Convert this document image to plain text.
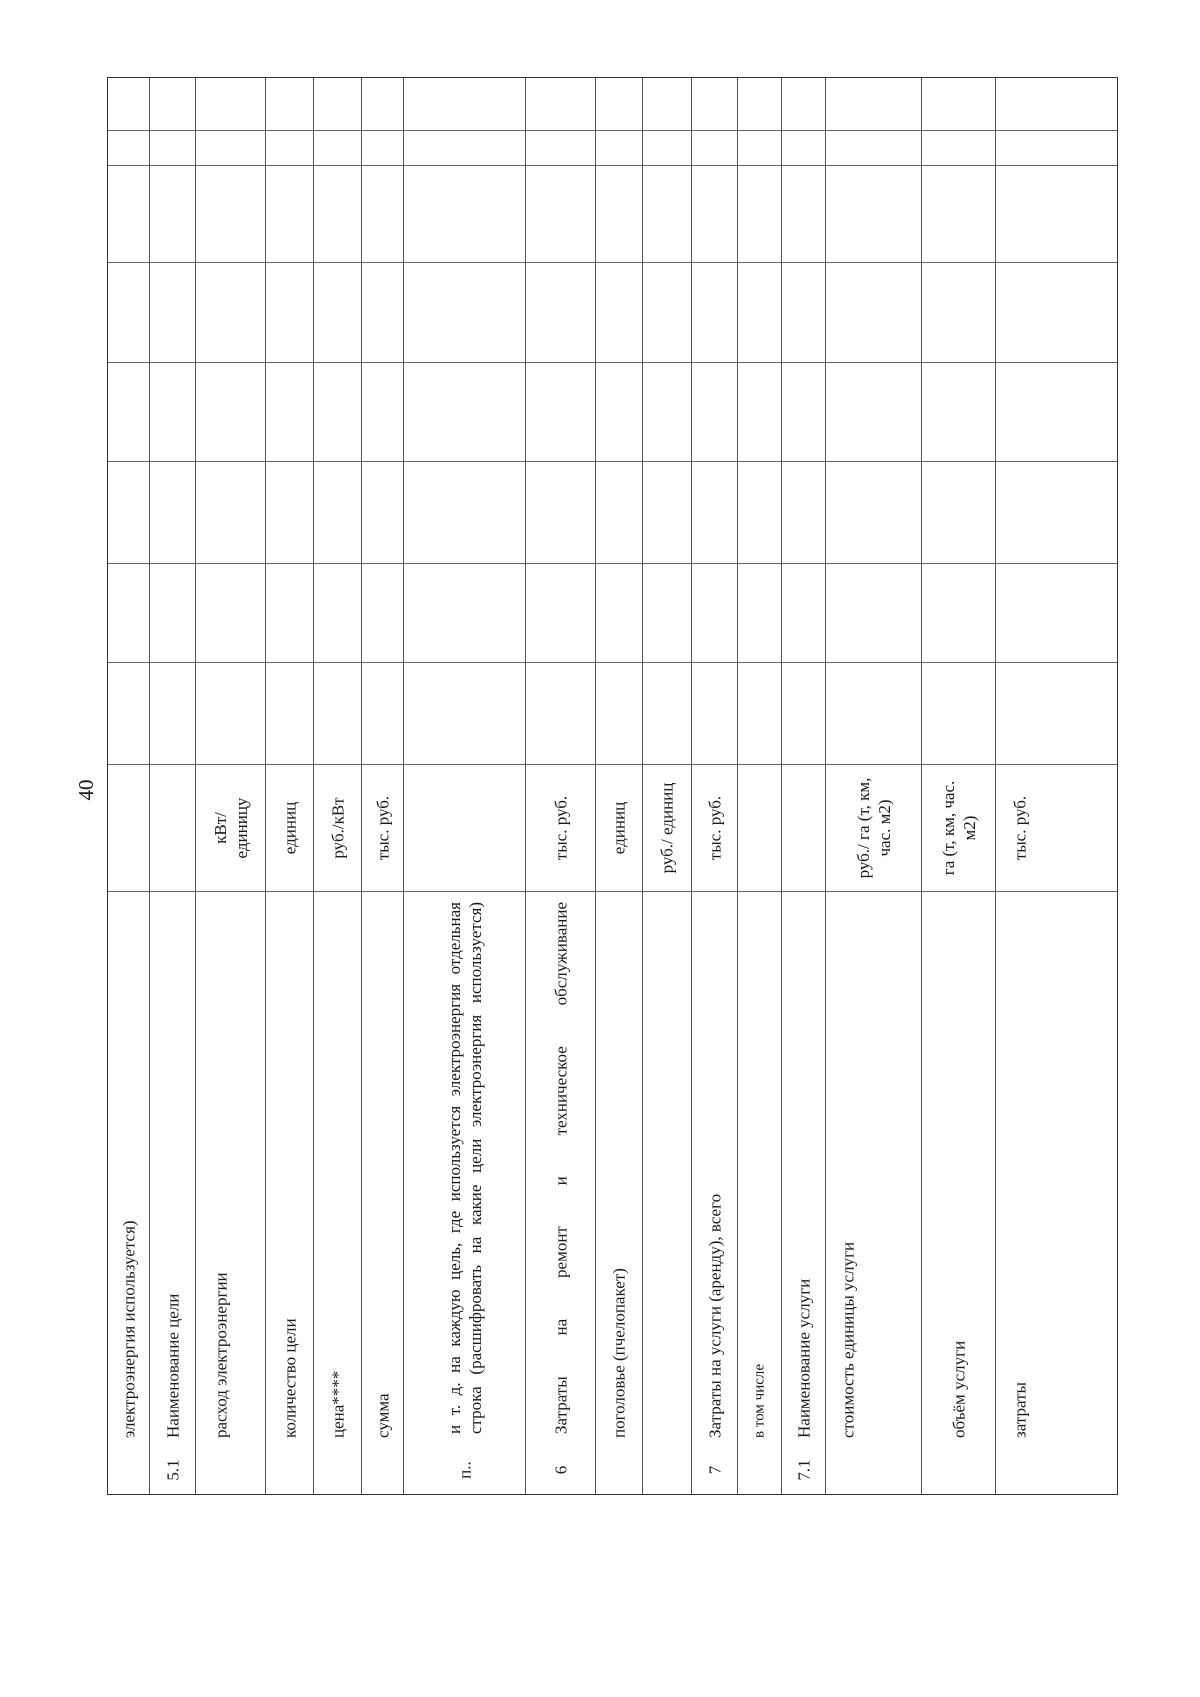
40
электроэнергия используется)
5.1
Наименование цели расход электроэнергии
кВт/ единицу
количество цели
единиц
цена****
руб./кВт
сумма
тыс. руб.
п..
и т. д. на каждую цель, где используется электроэнергия отдельная строка (расшифровать на какие цели электроэнергия используется)
6
Затраты на ремонт и техническое обслуживание
тыс. руб.
поголовье (пчелопакет)
единиц руб./ единиц
7
Затраты на услуги (аренду), всего
тыс. руб.
в том числе
7.1
Наименование услуги стоимость единицы услуги
руб./ га (т, км, час. м2)
объём услуги
га (т, км, час. м2)
затраты
тыс. руб.
